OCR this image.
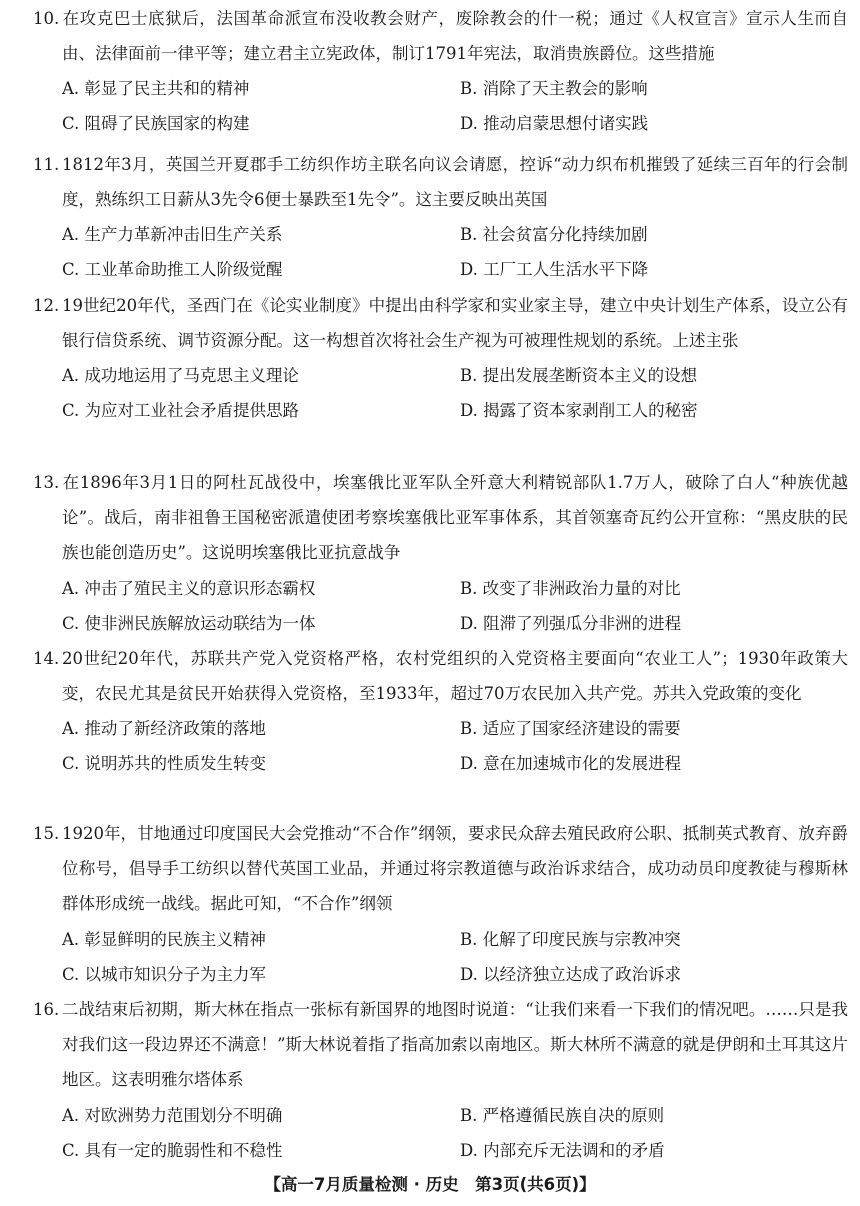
10. 在攻克巴士底狱后，法国革命派宣布没收教会财产，废除教会的什一税；通过《人权宣言》宣示人生而自由、法律面前一律平等；建立君主立宪政体，制订1791年宪法，取消贵族爵位。这些措施

A. 彰显了民主共和的精神	B. 消除了天主教会的影响
C. 阻碍了民族国家的构建	D. 推动启蒙思想付诸实践

11. 1812年3月，英国兰开夏郡手工纺织作坊主联名向议会请愿，控诉“动力织布机摧毁了延续三百年的行会制度，熟练织工日薪从3先令6便士暴跌至1先令”。这主要反映出英国

A. 生产力革新冲击旧生产关系	B. 社会贫富分化持续加剧
C. 工业革命助推工人阶级觉醒	D. 工厂工人生活水平下降

12. 19世纪20年代，圣西门在《论实业制度》中提出由科学家和实业家主导，建立中央计划生产体系，设立公有银行信贷系统、调节资源分配。这一构想首次将社会生产视为可被理性规划的系统。上述主张

A. 成功地运用了马克思主义理论	B. 提出发展垄断资本主义的设想
C. 为应对工业社会矛盾提供思路	D. 揭露了资本家剥削工人的秘密

13. 在1896年3月1日的阿杜瓦战役中，埃塞俄比亚军队全歼意大利精锐部队1.7万人，破除了白人“种族优越论”。战后，南非祖鲁王国秘密派遣使团考察埃塞俄比亚军事体系，其首领塞奇瓦约公开宣称：“黑皮肤的民族也能创造历史”。这说明埃塞俄比亚抗意战争

A. 冲击了殖民主义的意识形态霸权	B. 改变了非洲政治力量的对比
C. 使非洲民族解放运动联结为一体	D. 阻滞了列强瓜分非洲的进程

14. 20世纪20年代，苏联共产党入党资格严格，农村党组织的入党资格主要面向“农业工人”；1930年政策大变，农民尤其是贫民开始获得入党资格，至1933年，超过70万农民加入共产党。苏共入党政策的变化

A. 推动了新经济政策的落地	B. 适应了国家经济建设的需要
C. 说明苏共的性质发生转变	D. 意在加速城市化的发展进程

15. 1920年，甘地通过印度国民大会党推动“不合作”纲领，要求民众辞去殖民政府公职、抵制英式教育、放弃爵位称号，倡导手工纺织以替代英国工业品，并通过将宗教道德与政治诉求结合，成功动员印度教徒与穆斯林群体形成统一战线。据此可知，“不合作”纲领

A. 彰显鲜明的民族主义精神	B. 化解了印度民族与宗教冲突
C. 以城市知识分子为主力军	D. 以经济独立达成了政治诉求

16. 二战结束后初期，斯大林在指点一张标有新国界的地图时说道：“让我们来看一下我们的情况吧。……只是我对我们这一段边界还不满意！”斯大林说着指了指高加索以南地区。斯大林所不满意的就是伊朗和土耳其这片地区。这表明雅尔塔体系

A. 对欧洲势力范围划分不明确	B. 严格遵循民族自决的原则
C. 具有一定的脆弱性和不稳性	D. 内部充斥无法调和的矛盾
【高一7月质量检测 · 历史　第3页(共6页)】
